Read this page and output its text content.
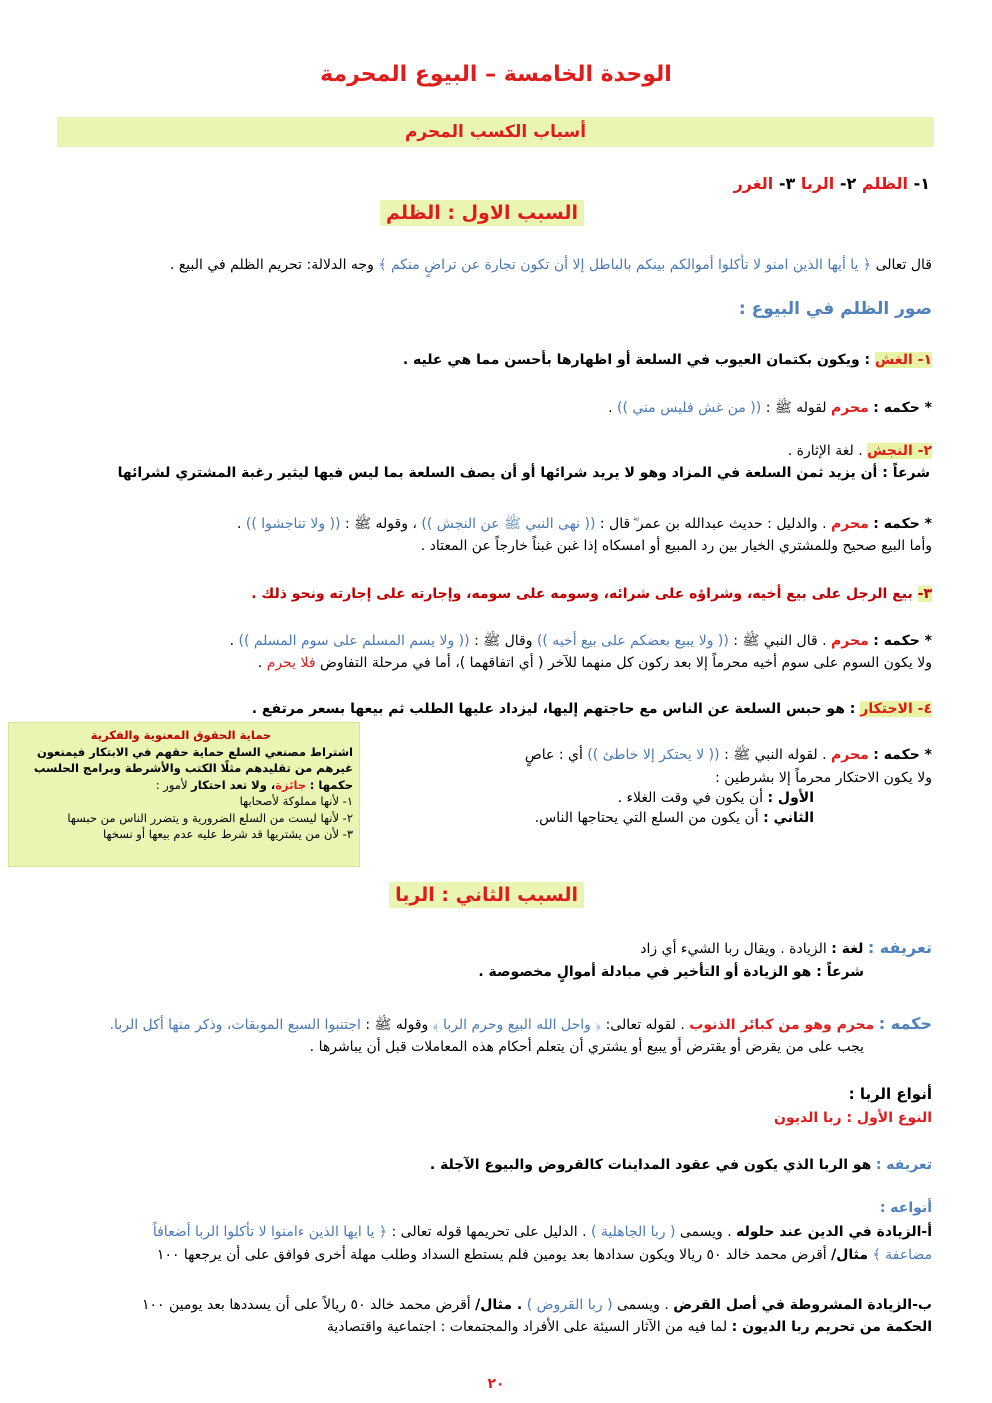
الوحدة الخامسة – البيوع المحرمة
أسباب الكسب المحرم
١- الظلم ٢- الربا ٣- الغرر
السبب الاول : الظلم
قال تعالى ﴿ يا أيها الذين امنو لا تأكلوا أموالكم بينكم بالباطل إلا أن تكون تجارة عن تراضٍ منكم ﴾ وجه الدلالة: تحريم الظلم في البيع .
صور الظلم في البيوع :
١- الغش : ويكون بكتمان العيوب في السلعة أو اظهارها بأحسن مما هي عليه .
* حكمه : محرم لقوله ﷺ : (( من غش فليس مني )) .
٢- النجش . لغة الإثارة .
شرعاً : أن يزيد ثمن السلعة في المزاد وهو لا يريد شرائها أو أن يصف السلعة بما ليس فيها ليثير رغبة المشتري لشرائها
* حكمه : محرم . والدليل : حديث عبدالله بن عمر ؓ قال : (( نهى النبي ﷺ عن النجش )) ، وقوله ﷺ : (( ولا تناجشوا )) .
وأما البيع صحيح وللمشتري الخيار بين رد المبيع أو امسكاه إذا غبن غبناً خارجاً عن المعتاد .
٣- بيع الرجل على بيع أخيه، وشراؤه على شرائه، وسومه على سومه، وإجارته على إجارته ونحو ذلك .
* حكمه : محرم . قال النبي ﷺ : (( ولا يبيع بعضكم على بيع أخيه )) وقال ﷺ : (( ولا يسم المسلم على سوم المسلم )) .
ولا يكون السوم على سوم أخيه محرماً إلا بعد ركون كل منهما للآخر ( أي اتفاقهما )، أما في مرحلة التفاوض فلا يحرم .
٤- الاحتكار : هو حبس السلعة عن الناس مع حاجتهم إليها، ليزداد عليها الطلب ثم بيعها بسعر مرتفع .
* حكمه : محرم . لقوله النبي ﷺ : (( لا يحتكر إلا خاطئ )) أي : عاصٍ
ولا يكون الاحتكار محرماً إلا بشرطين :
الأول : أن يكون في وقت الغلاء .
الثاني : أن يكون من السلع التي يحتاجها الناس.
حماية الحقوق المعنوية والفكرية
اشتراط مصنعي السلع حماية حقهم في الابتكار فيمنعون
غيرهم من تقليدهم مثلًا الكتب والأشرطة وبرامج الحلسب
حكمها : جائزة، ولا تعد احتكار لأمور :
١- لأنها مملوكة لأصحابها
٢- لأنها ليست من السلع الضرورية و يتضرر الناس من حبسها
٣- لأن من يشتريها قد شرط عليه عدم بيعها أو نسخها
السبب الثاني : الربا
تعريفه : لغة : الزيادة . ويقال ربا الشيء أي زاد
شرعاً : هو الزيادة أو التأخير في مبادلة أموالٍ مخصوصة .
حكمه : محرم وهو من كبائر الذنوب . لقوله تعالى: ﴿ واحل الله البيع وحرم الربا ﴾ وقوله ﷺ : اجتنبوا السبع الموبقات، وذكر منها أكل الربا.
يجب على من يقرض أو يقترض أو يبيع أو يشتري أن يتعلم أحكام هذه المعاملات قبل أن يباشرها .
أنواع الربا :
النوع الأول : ربا الديون
تعريفه : هو الربا الذي يكون في عقود المداينات كالقروض والبيوع الآجلة .
أنواعه :
أ-الزيادة في الدين عند حلوله . ويسمى ( ربا الجاهلية ) . الدليل على تحريمها قوله تعالى : ﴿ يا ايها الذين ءامنوا لا تأكلوا الربا أضعافاً
مضاعفة ﴾ مثال/ أقرض محمد خالد ٥٠ ريالا ويكون سدادها بعد يومين فلم يستطع السداد وطلب مهلة أخرى فوافق على أن يرجعها ١٠٠
ب-الزيادة المشروطة في أصل القرض . ويسمى ( ربا القروض ) . مثال/ أقرض محمد خالد ٥٠ ريالاً على أن يسددها بعد يومين ١٠٠
الحكمة من تحريم ربا الديون : لما فيه من الآثار السيئة على الأفراد والمجتمعات : اجتماعية واقتصادية
٢٠
